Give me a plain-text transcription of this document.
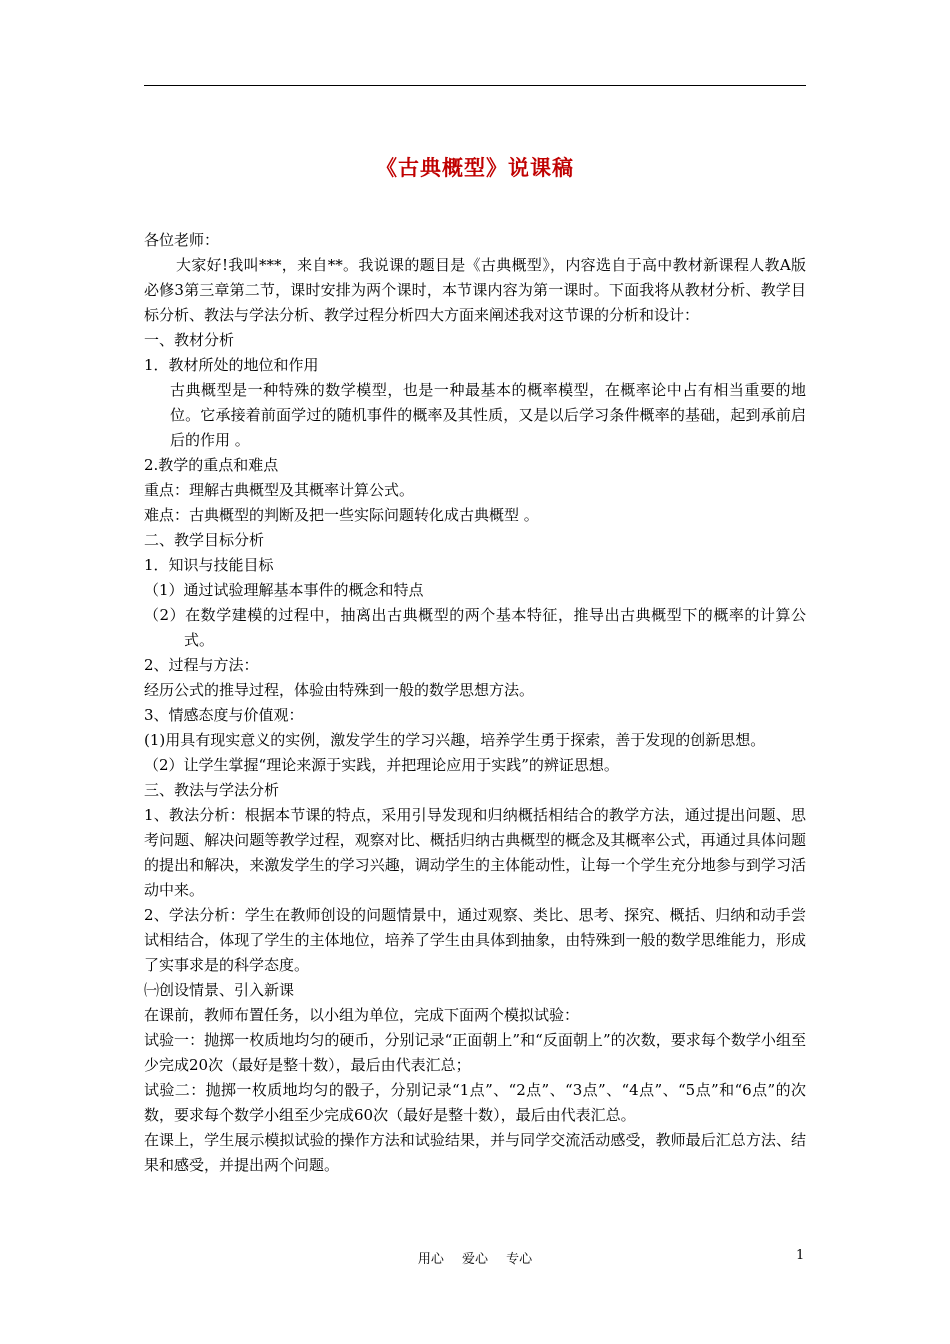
《古典概型》说课稿

各位老师：

大家好!我叫***，来自**。我说课的题目是《古典概型》，内容选自于高中教材新课程人教A版必修3第三章第二节，课时安排为两个课时，本节课内容为第一课时。下面我将从教材分析、教学目标分析、教法与学法分析、教学过程分析四大方面来阐述我对这节课的分析和设计：

一、教材分析

1．教材所处的地位和作用

古典概型是一种特殊的数学模型，也是一种最基本的概率模型，在概率论中占有相当重要的地位。它承接着前面学过的随机事件的概率及其性质，又是以后学习条件概率的基础，起到承前启后的作用 。

2.教学的重点和难点

重点：理解古典概型及其概率计算公式。

难点：古典概型的判断及把一些实际问题转化成古典概型 。

二、教学目标分析

1．知识与技能目标

（1）通过试验理解基本事件的概念和特点

（2）在数学建模的过程中，抽离出古典概型的两个基本特征，推导出古典概型下的概率的计算公式。

2、过程与方法：

经历公式的推导过程，体验由特殊到一般的数学思想方法。

3、情感态度与价值观：

(1)用具有现实意义的实例，激发学生的学习兴趣，培养学生勇于探索，善于发现的创新思想。

（2）让学生掌握“理论来源于实践，并把理论应用于实践”的辨证思想。

三、教法与学法分析

1、教法分析：根据本节课的特点，采用引导发现和归纳概括相结合的教学方法，通过提出问题、思考问题、解决问题等教学过程，观察对比、概括归纳古典概型的概念及其概率公式，再通过具体问题的提出和解决，来激发学生的学习兴趣，调动学生的主体能动性，让每一个学生充分地参与到学习活动中来。

2、学法分析：学生在教师创设的问题情景中，通过观察、类比、思考、探究、概括、归纳和动手尝试相结合，体现了学生的主体地位，培养了学生由具体到抽象，由特殊到一般的数学思维能力，形成了实事求是的科学态度。

㈠创设情景、引入新课

在课前，教师布置任务，以小组为单位，完成下面两个模拟试验：

试验一：抛掷一枚质地均匀的硬币，分别记录“正面朝上”和“反面朝上”的次数，要求每个数学小组至少完成20次（最好是整十数），最后由代表汇总；

试验二：抛掷一枚质地均匀的骰子，分别记录“1点”、“2点”、“3点”、“4点”、“5点”和“6点”的次数，要求每个数学小组至少完成60次（最好是整十数），最后由代表汇总。

在课上，学生展示模拟试验的操作方法和试验结果，并与同学交流活动感受，教师最后汇总方法、结果和感受，并提出两个问题。

用心 爱心 专心	1
